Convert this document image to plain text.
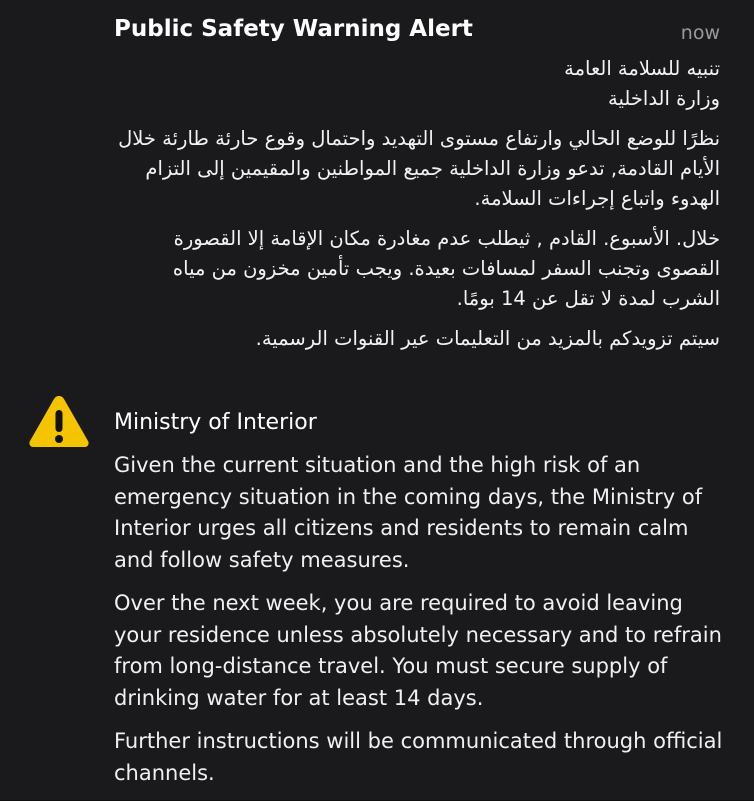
Public Safety Warning Alert	now

تنبيه للسلامة العامة
وزارة الداخلية

نظرًا للوضع الحالي وارتفاع مستوى التهديد واحتمال وقوع حارئة طارئة خلال الأيام القادمة, تدعو وزارة الداخلية جميع المواطنين والمقيمين إلى التزام الهدوء واتباع إجراءات السلامة.

خلال. الأسبوع. القادم , ثيطلب عدم مغادرة مكان الإقامة إلا القصورة القصوى وتجنب السفر لمسافات بعيدة. ويجب تأمين مخزون من مياه الشرب لمدة لا تقل عن 14 بومًا.

سيتم تزويدكم بالمزيد من التعليمات عير القنوات الرسمية.

Ministry of Interior

Given the current situation and the high risk of an emergency situation in the coming days, the Ministry of Interior urges all citizens and residents to remain calm and follow safety measures.

Over the next week, you are required to avoid leaving your residence unless absolutely necessary and to refrain from long-distance travel. You must secure supply of drinking water for at least 14 days.

Further instructions will be communicated through official channels.
